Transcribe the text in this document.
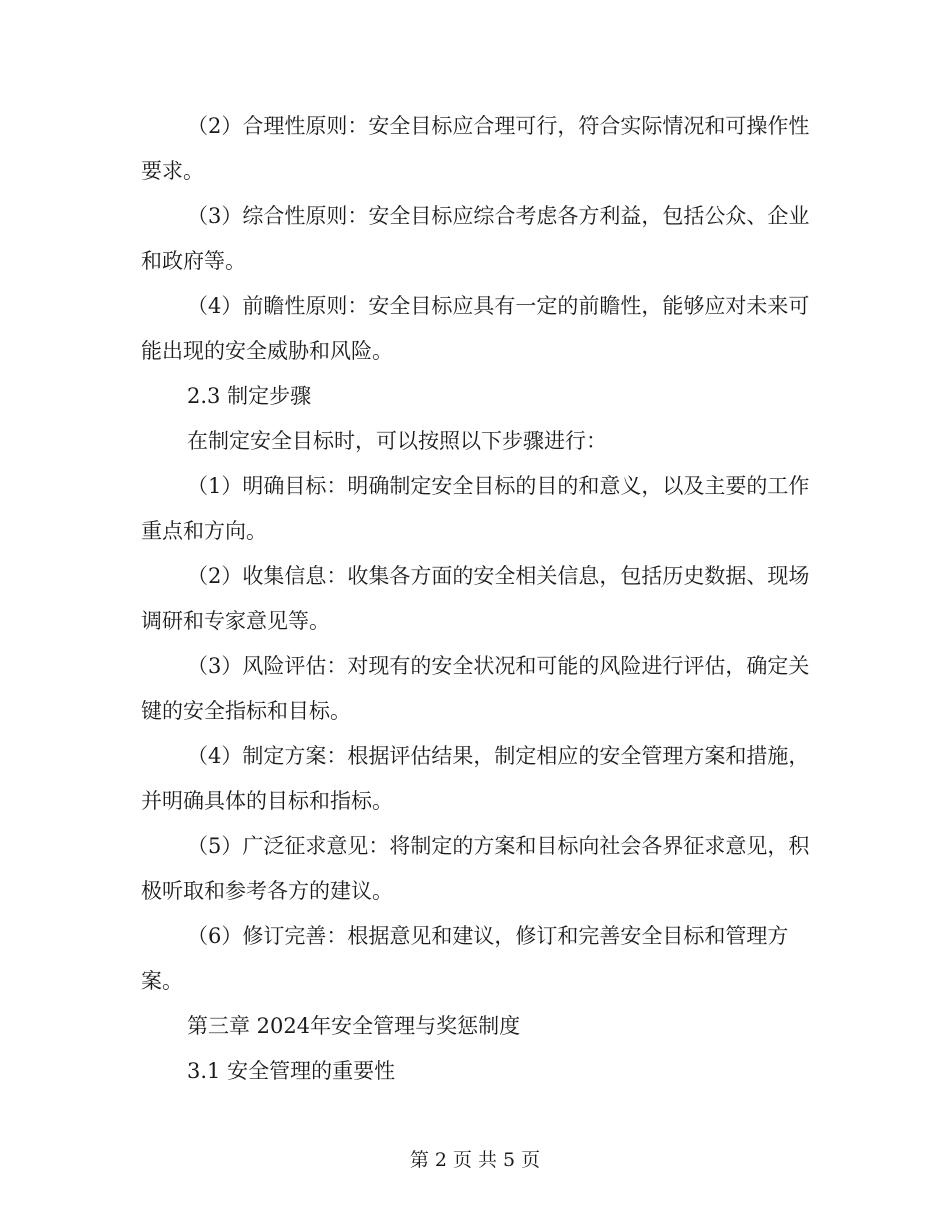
（2）合理性原则：安全目标应合理可行，符合实际情况和可操作性要求。

（3）综合性原则：安全目标应综合考虑各方利益，包括公众、企业和政府等。

（4）前瞻性原则：安全目标应具有一定的前瞻性，能够应对未来可能出现的安全威胁和风险。

2.3 制定步骤

在制定安全目标时，可以按照以下步骤进行：

（1）明确目标：明确制定安全目标的目的和意义，以及主要的工作重点和方向。

（2）收集信息：收集各方面的安全相关信息，包括历史数据、现场调研和专家意见等。

（3）风险评估：对现有的安全状况和可能的风险进行评估，确定关键的安全指标和目标。

（4）制定方案：根据评估结果，制定相应的安全管理方案和措施，并明确具体的目标和指标。

（5）广泛征求意见：将制定的方案和目标向社会各界征求意见，积极听取和参考各方的建议。

（6）修订完善：根据意见和建议，修订和完善安全目标和管理方案。

第三章 2024年安全管理与奖惩制度

3.1 安全管理的重要性

第 2 页 共 5 页
